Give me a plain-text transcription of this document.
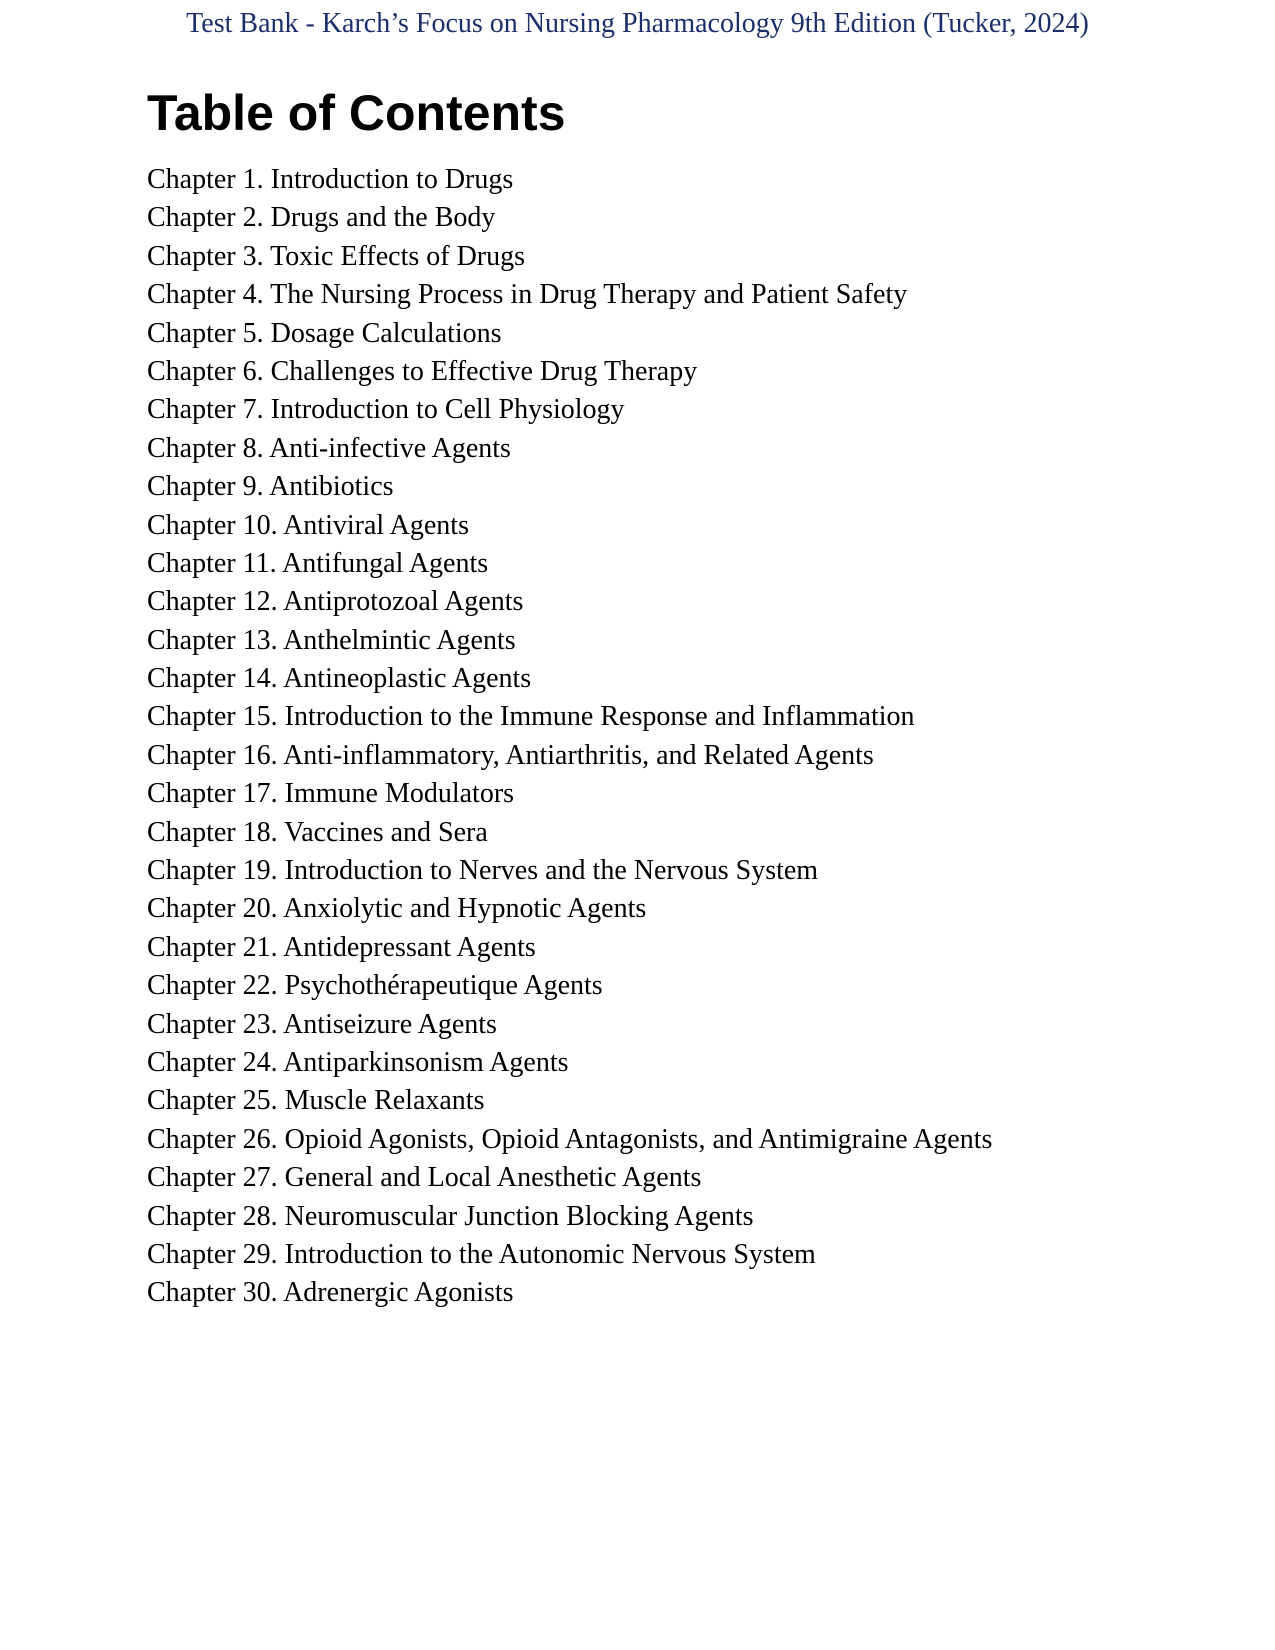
Test Bank - Karch’s Focus on Nursing Pharmacology 9th Edition (Tucker, 2024)
Table of Contents
Chapter 1. Introduction to Drugs
Chapter 2. Drugs and the Body
Chapter 3. Toxic Effects of Drugs
Chapter 4. The Nursing Process in Drug Therapy and Patient Safety
Chapter 5. Dosage Calculations
Chapter 6. Challenges to Effective Drug Therapy
Chapter 7. Introduction to Cell Physiology
Chapter 8. Anti-infective Agents
Chapter 9. Antibiotics
Chapter 10. Antiviral Agents
Chapter 11. Antifungal Agents
Chapter 12. Antiprotozoal Agents
Chapter 13. Anthelmintic Agents
Chapter 14. Antineoplastic Agents
Chapter 15. Introduction to the Immune Response and Inflammation
Chapter 16. Anti-inflammatory, Antiarthritis, and Related Agents
Chapter 17. Immune Modulators
Chapter 18. Vaccines and Sera
Chapter 19. Introduction to Nerves and the Nervous System
Chapter 20. Anxiolytic and Hypnotic Agents
Chapter 21. Antidepressant Agents
Chapter 22. Psychothérapeutique Agents
Chapter 23. Antiseizure Agents
Chapter 24. Antiparkinsonism Agents
Chapter 25. Muscle Relaxants
Chapter 26. Opioid Agonists, Opioid Antagonists, and Antimigraine Agents
Chapter 27. General and Local Anesthetic Agents
Chapter 28. Neuromuscular Junction Blocking Agents
Chapter 29. Introduction to the Autonomic Nervous System
Chapter 30. Adrenergic Agonists
